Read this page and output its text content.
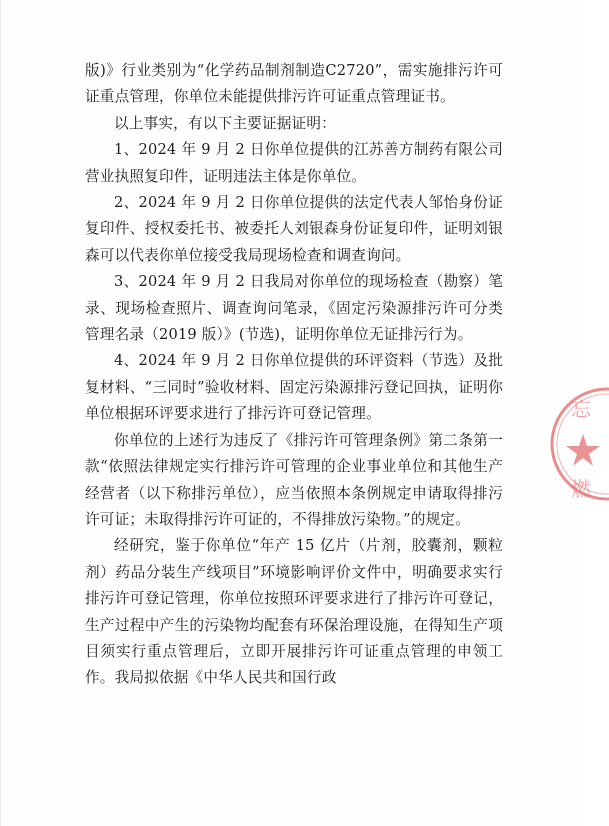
版)》行业类别为“化学药品制剂制造C2720”，需实施排污许可证重点管理，你单位未能提供排污许可证重点管理证书。

以上事实，有以下主要证据证明：

1、2024 年 9 月 2 日你单位提供的江苏善方制药有限公司营业执照复印件，证明违法主体是你单位。

2、2024 年 9 月 2 日你单位提供的法定代表人邹怡身份证复印件、授权委托书、被委托人刘银森身份证复印件，证明刘银森可以代表你单位接受我局现场检查和调查询问。

3、2024 年 9 月 2 日我局对你单位的现场检查（勘察）笔录、现场检查照片、调查询问笔录，《固定污染源排污许可分类管理名录（2019 版）》(节选)，证明你单位无证排污行为。

4、2024 年 9 月 2 日你单位提供的环评资料（节选）及批复材料、“三同时”验收材料、固定污染源排污登记回执，证明你单位根据环评要求进行了排污许可登记管理。

你单位的上述行为违反了《排污许可管理条例》第二条第一款“依照法律规定实行排污许可管理的企业事业单位和其他生产经营者（以下称排污单位），应当依照本条例规定申请取得排污许可证；未取得排污许可证的，不得排放污染物。”的规定。

经研究，鉴于你单位“年产 15 亿片（片剂，胶囊剂，颗粒剂）药品分装生产线项目”环境影响评价文件中，明确要求实行排污许可登记管理，你单位按照环评要求进行了排污许可登记，生产过程中产生的污染物均配套有环保治理设施，在得知生产项目须实行重点管理后，立即开展排污许可证重点管理的申领工作。我局拟依据《中华人民共和国行政

忘
燃
